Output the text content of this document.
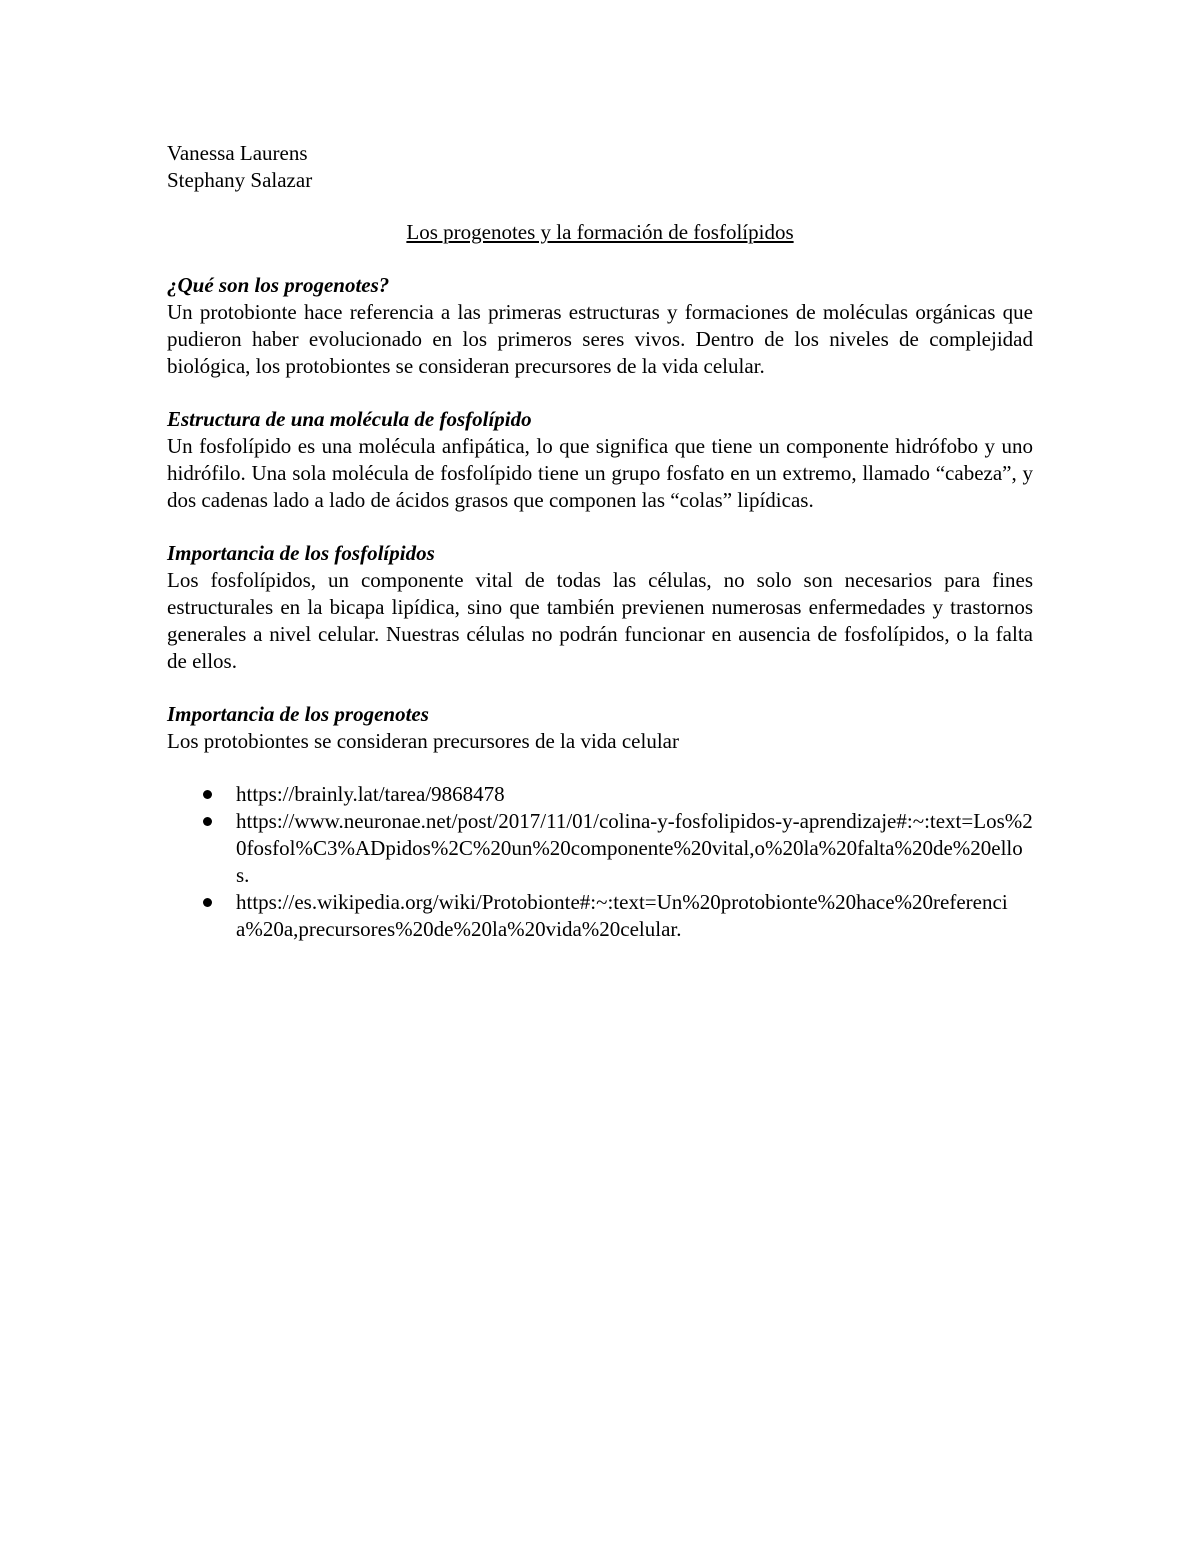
Vanessa Laurens

Stephany Salazar

Los progenotes y la formación de fosfolípidos
¿Qué son los progenotes?

Un protobionte hace referencia a las primeras estructuras y formaciones de moléculas orgánicas que pudieron haber evolucionado en los primeros seres vivos. Dentro de los niveles de complejidad biológica, los protobiontes se consideran precursores de la vida celular.

Estructura de una molécula de fosfolípido

Un fosfolípido es una molécula anfipática, lo que significa que tiene un componente hidrófobo y uno hidrófilo. Una sola molécula de fosfolípido tiene un grupo fosfato en un extremo, llamado “cabeza”, y dos cadenas lado a lado de ácidos grasos que componen las “colas” lipídicas.

Importancia de los fosfolípidos

Los fosfolípidos, un componente vital de todas las células, no solo son necesarios para fines estructurales en la bicapa lipídica, sino que también previenen numerosas enfermedades y trastornos generales a nivel celular. Nuestras células no podrán funcionar en ausencia de fosfolípidos, o la falta de ellos.

Importancia de los progenotes

Los protobiontes se consideran precursores de la vida celular

https://brainly.lat/tarea/9868478
https://www.neuronae.net/post/2017/11/01/colina-y-fosfolipidos-y-aprendizaje#:~:text=Los%20fosfol%C3%ADpidos%2C%20un%20componente%20vital,o%20la%20falta%20de%20ellos.
https://es.wikipedia.org/wiki/Protobionte#:~:text=Un%20protobionte%20hace%20referencia%20a,precursores%20de%20la%20vida%20celular.
